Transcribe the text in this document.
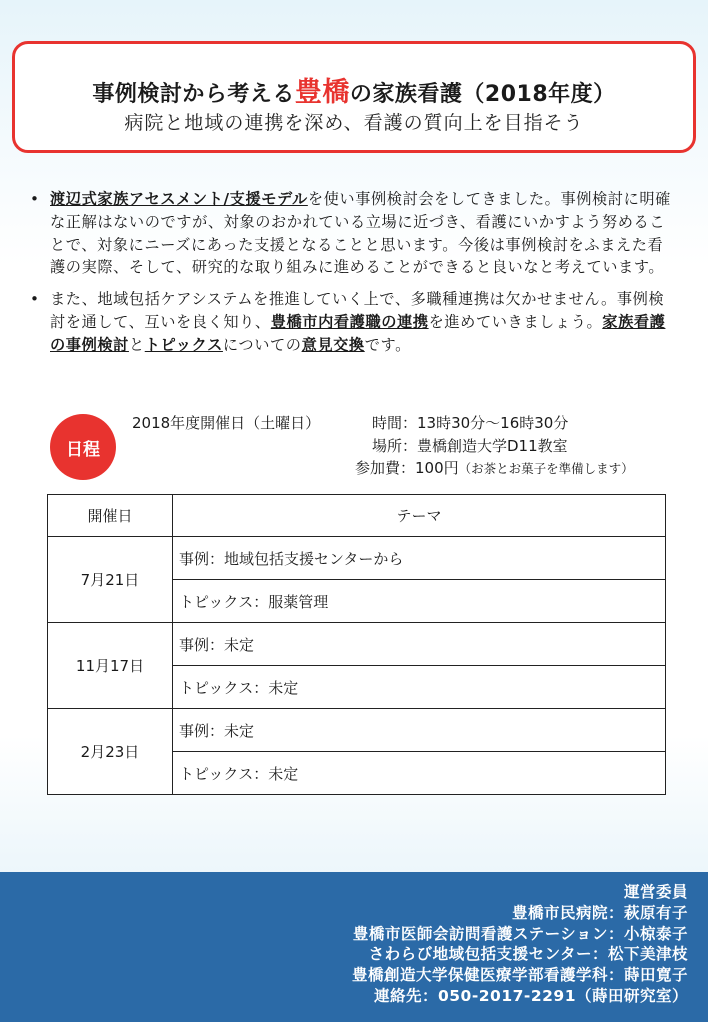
事例検討から考える豊橋の家族看護（2018年度）
病院と地域の連携を深め、看護の質向上を目指そう
• 渡辺式家族アセスメント/支援モデルを使い事例検討会をしてきました。事例検討に明確な正解はないのですが、対象のおかれている立場に近づき、看護にいかすよう努めることで、対象にニーズにあった支援となることと思います。今後は事例検討をふまえた看護の実際、そして、研究的な取り組みに進めることができると良いなと考えています。
• また、地域包括ケアシステムを推進していく上で、多職種連携は欠かせません。事例検討を通して、互いを良く知り、豊橋市内看護職の連携を進めていきましょう。家族看護の事例検討とトピックスについての意見交換です。
日程
2018年度開催日（土曜日）	時間：13時30分〜16時30分
場所：豊橋創造大学D11教室
参加費：100円（お茶とお菓子を準備します）
開催日	テーマ
7月21日	事例：地域包括支援センターから
	トピックス：服薬管理
11月17日	事例：未定
	トピックス：未定
2月23日	事例：未定
	トピックス：未定
運営委員
豊橋市民病院：萩原有子
豊橋市医師会訪問看護ステーション：小椋泰子
さわらび地域包括支援センター：松下美津枝
豊橋創造大学保健医療学部看護学科：蒔田寛子
連絡先：050-2017-2291（蒔田研究室）
